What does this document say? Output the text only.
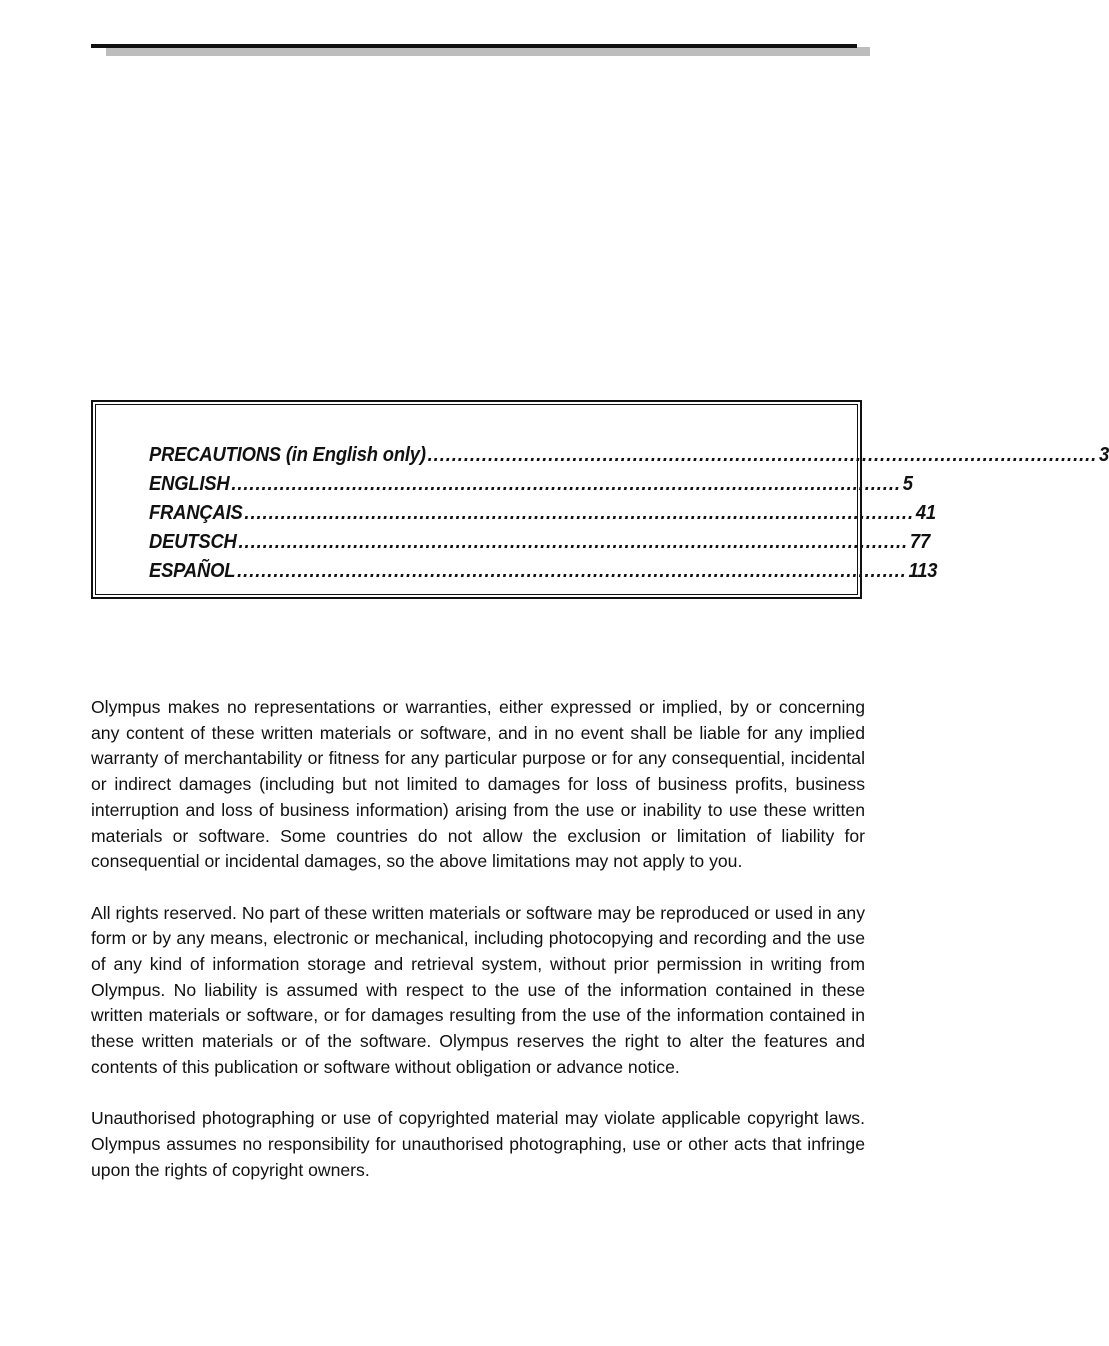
PRECAUTIONS (in English only) ............................................................................................................... 3
ENGLISH ............................................................................................................... 5
FRANÇAIS ............................................................................................................... 41
DEUTSCH ............................................................................................................... 77
ESPAÑOL ............................................................................................................... 113

Olympus makes no representations or warranties, either expressed or implied, by or concerning any content of these written materials or software, and in no event shall be liable for any implied warranty of merchantability or fitness for any particular purpose or for any consequential, incidental or indirect damages (including but not limited to damages for loss of business profits, business interruption and loss of business information) arising from the use or inability to use these written materials or software. Some countries do not allow the exclusion or limitation of liability for consequential or incidental damages, so the above limitations may not apply to you.

All rights reserved. No part of these written materials or software may be reproduced or used in any form or by any means, electronic or mechanical, including photocopying and recording and the use of any kind of information storage and retrieval system, without prior permission in writing from Olympus. No liability is assumed with respect to the use of the information contained in these written materials or software, or for damages resulting from the use of the information contained in these written materials or of the software. Olympus reserves the right to alter the features and contents of this publication or software without obligation or advance notice.

Unauthorised photographing or use of copyrighted material may violate applicable copyright laws. Olympus assumes no responsibility for unauthorised photographing, use or other acts that infringe upon the rights of copyright owners.
